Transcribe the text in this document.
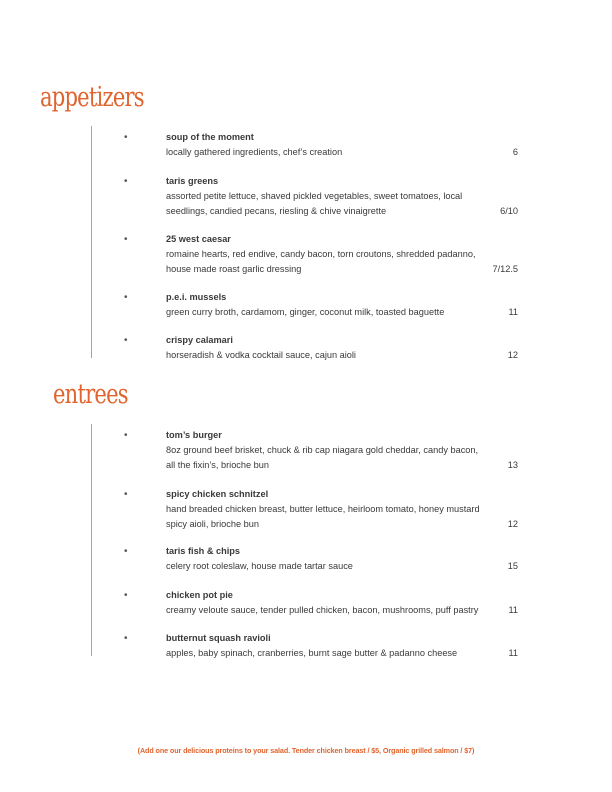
appetizers
•	soup of the moment
locally gathered ingredients, chef’s creation	6
•	taris greens
assorted petite lettuce, shaved pickled vegetables, sweet tomatoes, local
seedlings, candied pecans, riesling & chive vinaigrette	6/10
•	25 west caesar
romaine hearts, red endive, candy bacon, torn croutons, shredded padanno,
house made roast garlic dressing	7/12.5
•	p.e.i. mussels
green curry broth, cardamom, ginger, coconut milk, toasted baguette	11
•	crispy calamari
horseradish & vodka cocktail sauce, cajun aioli	12
entrees
•	tom’s burger
8oz ground beef brisket, chuck & rib cap niagara gold cheddar, candy bacon,
all the fixin’s, brioche bun	13
•	spicy chicken schnitzel
hand breaded chicken breast, butter lettuce, heirloom tomato, honey mustard
spicy aioli, brioche bun	12
•	taris fish & chips
celery root coleslaw, house made tartar sauce	15
•	chicken pot pie
creamy veloute sauce, tender pulled chicken, bacon, mushrooms, puff pastry	11
•	butternut squash ravioli
apples, baby spinach, cranberries, burnt sage butter & padanno cheese	11
(Add one our delicious proteins to your salad. Tender chicken breast / $5, Organic grilled salmon / $7)
